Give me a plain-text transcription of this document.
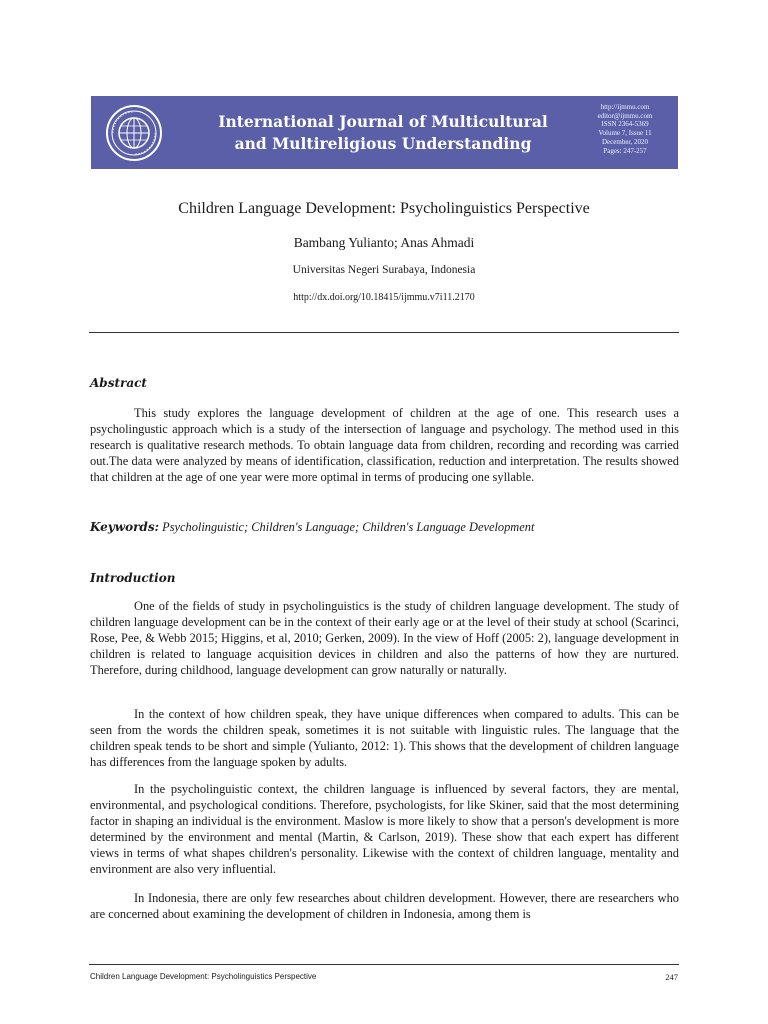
International Journal of Multicultural
and Multireligious Understanding
http://ijmmu.com
editor@ijmmu.com
ISSN 2364-5369
Volume 7, Issue 11
December, 2020
Pages: 247-257
Children Language Development: Psycholinguistics Perspective
Bambang Yulianto; Anas Ahmadi
Universitas Negeri Surabaya, Indonesia
http://dx.doi.org/10.18415/ijmmu.v7i11.2170
Abstract

This study explores the language development of children at the age of one. This research uses a psycholingustic approach which is a study of the intersection of language and psychology. The method used in this research is qualitative research methods. To obtain language data from children, recording and recording was carried out.The data were analyzed by means of identification, classification, reduction and interpretation. The results showed that children at the age of one year were more optimal in terms of producing one syllable.

Keywords: Psycholinguistic; Children's Language; Children's Language Development
Introduction

One of the fields of study in psycholinguistics is the study of children language development. The study of children language development can be in the context of their early age or at the level of their study at school (Scarinci, Rose, Pee, & Webb 2015; Higgins, et al, 2010; Gerken, 2009). In the view of Hoff (2005: 2), language development in children is related to language acquisition devices in children and also the patterns of how they are nurtured. Therefore, during childhood, language development can grow naturally or naturally.

In the context of how children speak, they have unique differences when compared to adults. This can be seen from the words the children speak, sometimes it is not suitable with linguistic rules. The language that the children speak tends to be short and simple (Yulianto, 2012: 1). This shows that the development of children language has differences from the language spoken by adults.

In the psycholinguistic context, the children language is influenced by several factors, they are mental, environmental, and psychological conditions. Therefore, psychologists, for like Skiner, said that the most determining factor in shaping an individual is the environment. Maslow is more likely to show that a person's development is more determined by the environment and mental (Martin, & Carlson, 2019). These show that each expert has different views in terms of what shapes children's personality. Likewise with the context of children language, mentality and environment are also very influential.

In Indonesia, there are only few researches about children development. However, there are researchers who are concerned about examining the development of children in Indonesia, among them is

Children Language Development: Psycholinguistics Perspective	247
